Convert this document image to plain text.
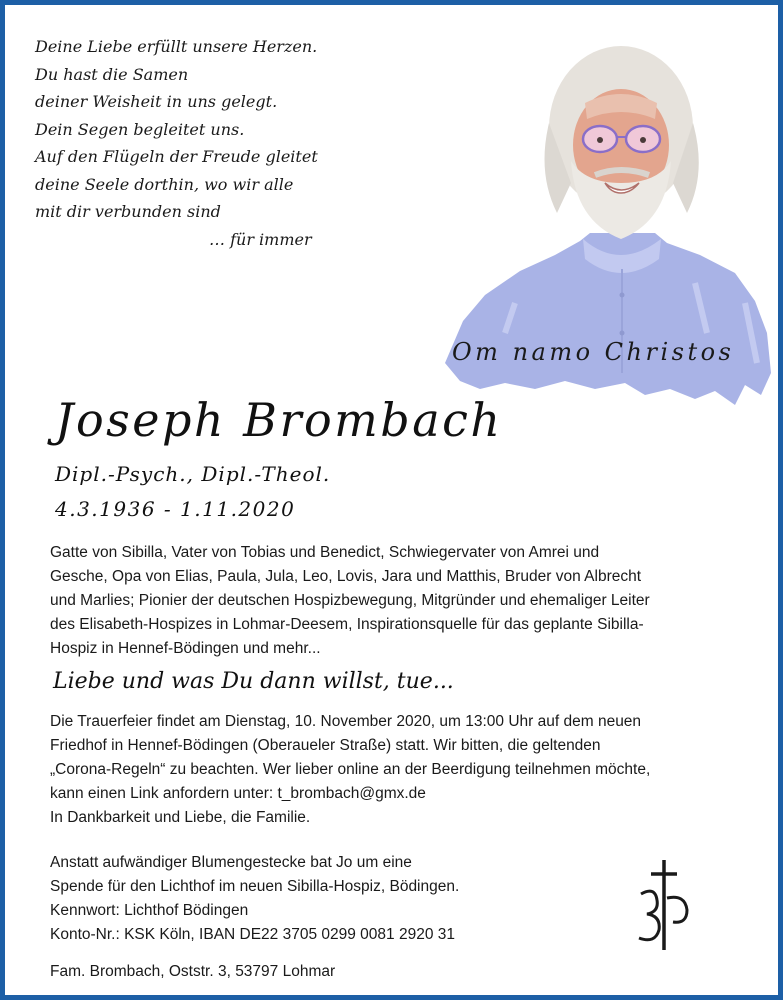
Deine Liebe erfüllt unsere Herzen.
Du hast die Samen
deiner Weisheit in uns gelegt.
Dein Segen begleitet uns.
Auf den Flügeln der Freude gleitet
deine Seele dorthin, wo wir alle
mit dir verbunden sind
… für immer
Om namo Christos
Joseph Brombach
Dipl.-Psych., Dipl.-Theol.
4.3.1936 - 1.11.2020
Gatte von Sibilla, Vater von Tobias und Benedict, Schwiegervater von Amrei und
Gesche, Opa von Elias, Paula, Jula, Leo, Lovis, Jara und Matthis, Bruder von Albrecht
und Marlies; Pionier der deutschen Hospizbewegung, Mitgründer und ehemaliger Leiter
des Elisabeth-Hospizes in Lohmar-Deesem, Inspirationsquelle für das geplante Sibilla-
Hospiz in Hennef-Bödingen und mehr...
Liebe und was Du dann willst, tue...
Die Trauerfeier findet am Dienstag, 10. November 2020, um 13:00 Uhr auf dem neuen
Friedhof in Hennef-Bödingen (Oberaueler Straße) statt. Wir bitten, die geltenden
„Corona-Regeln“ zu beachten. Wer lieber online an der Beerdigung teilnehmen möchte,
kann einen Link anfordern unter: t_brombach@gmx.de
In Dankbarkeit und Liebe, die Familie.
Anstatt aufwändiger Blumengestecke bat Jo um eine
Spende für den Lichthof im neuen Sibilla-Hospiz, Bödingen.
Kennwort: Lichthof Bödingen
Konto-Nr.: KSK Köln, IBAN DE22 3705 0299 0081 2920 31
Fam. Brombach, Oststr. 3, 53797 Lohmar
